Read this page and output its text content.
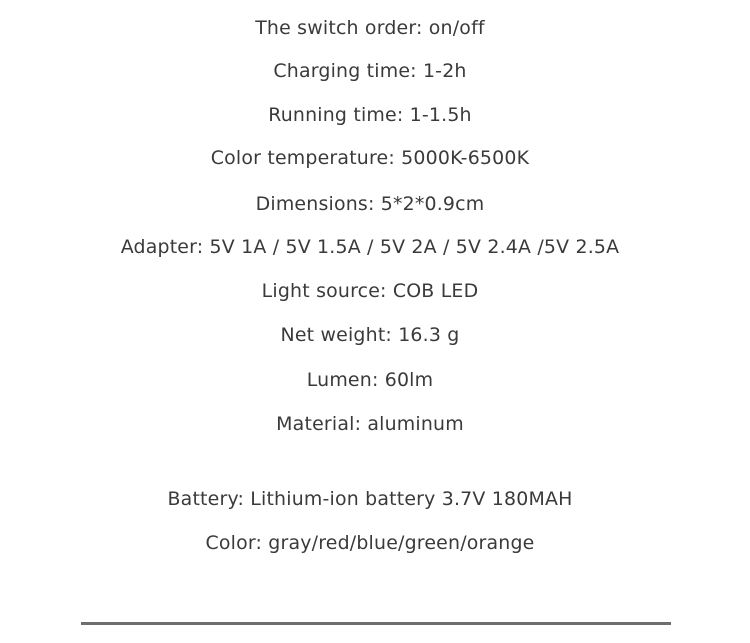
The switch order: on/off
Charging time: 1-2h
Running time: 1-1.5h
Color temperature: 5000K-6500K
Dimensions: 5*2*0.9cm
Adapter: 5V 1A / 5V 1.5A / 5V 2A / 5V 2.4A /5V 2.5A
Light source: COB LED
Net weight: 16.3 g
Lumen: 60lm
Material: aluminum
Battery: Lithium-ion battery 3.7V 180MAH
Color: gray/red/blue/green/orange
